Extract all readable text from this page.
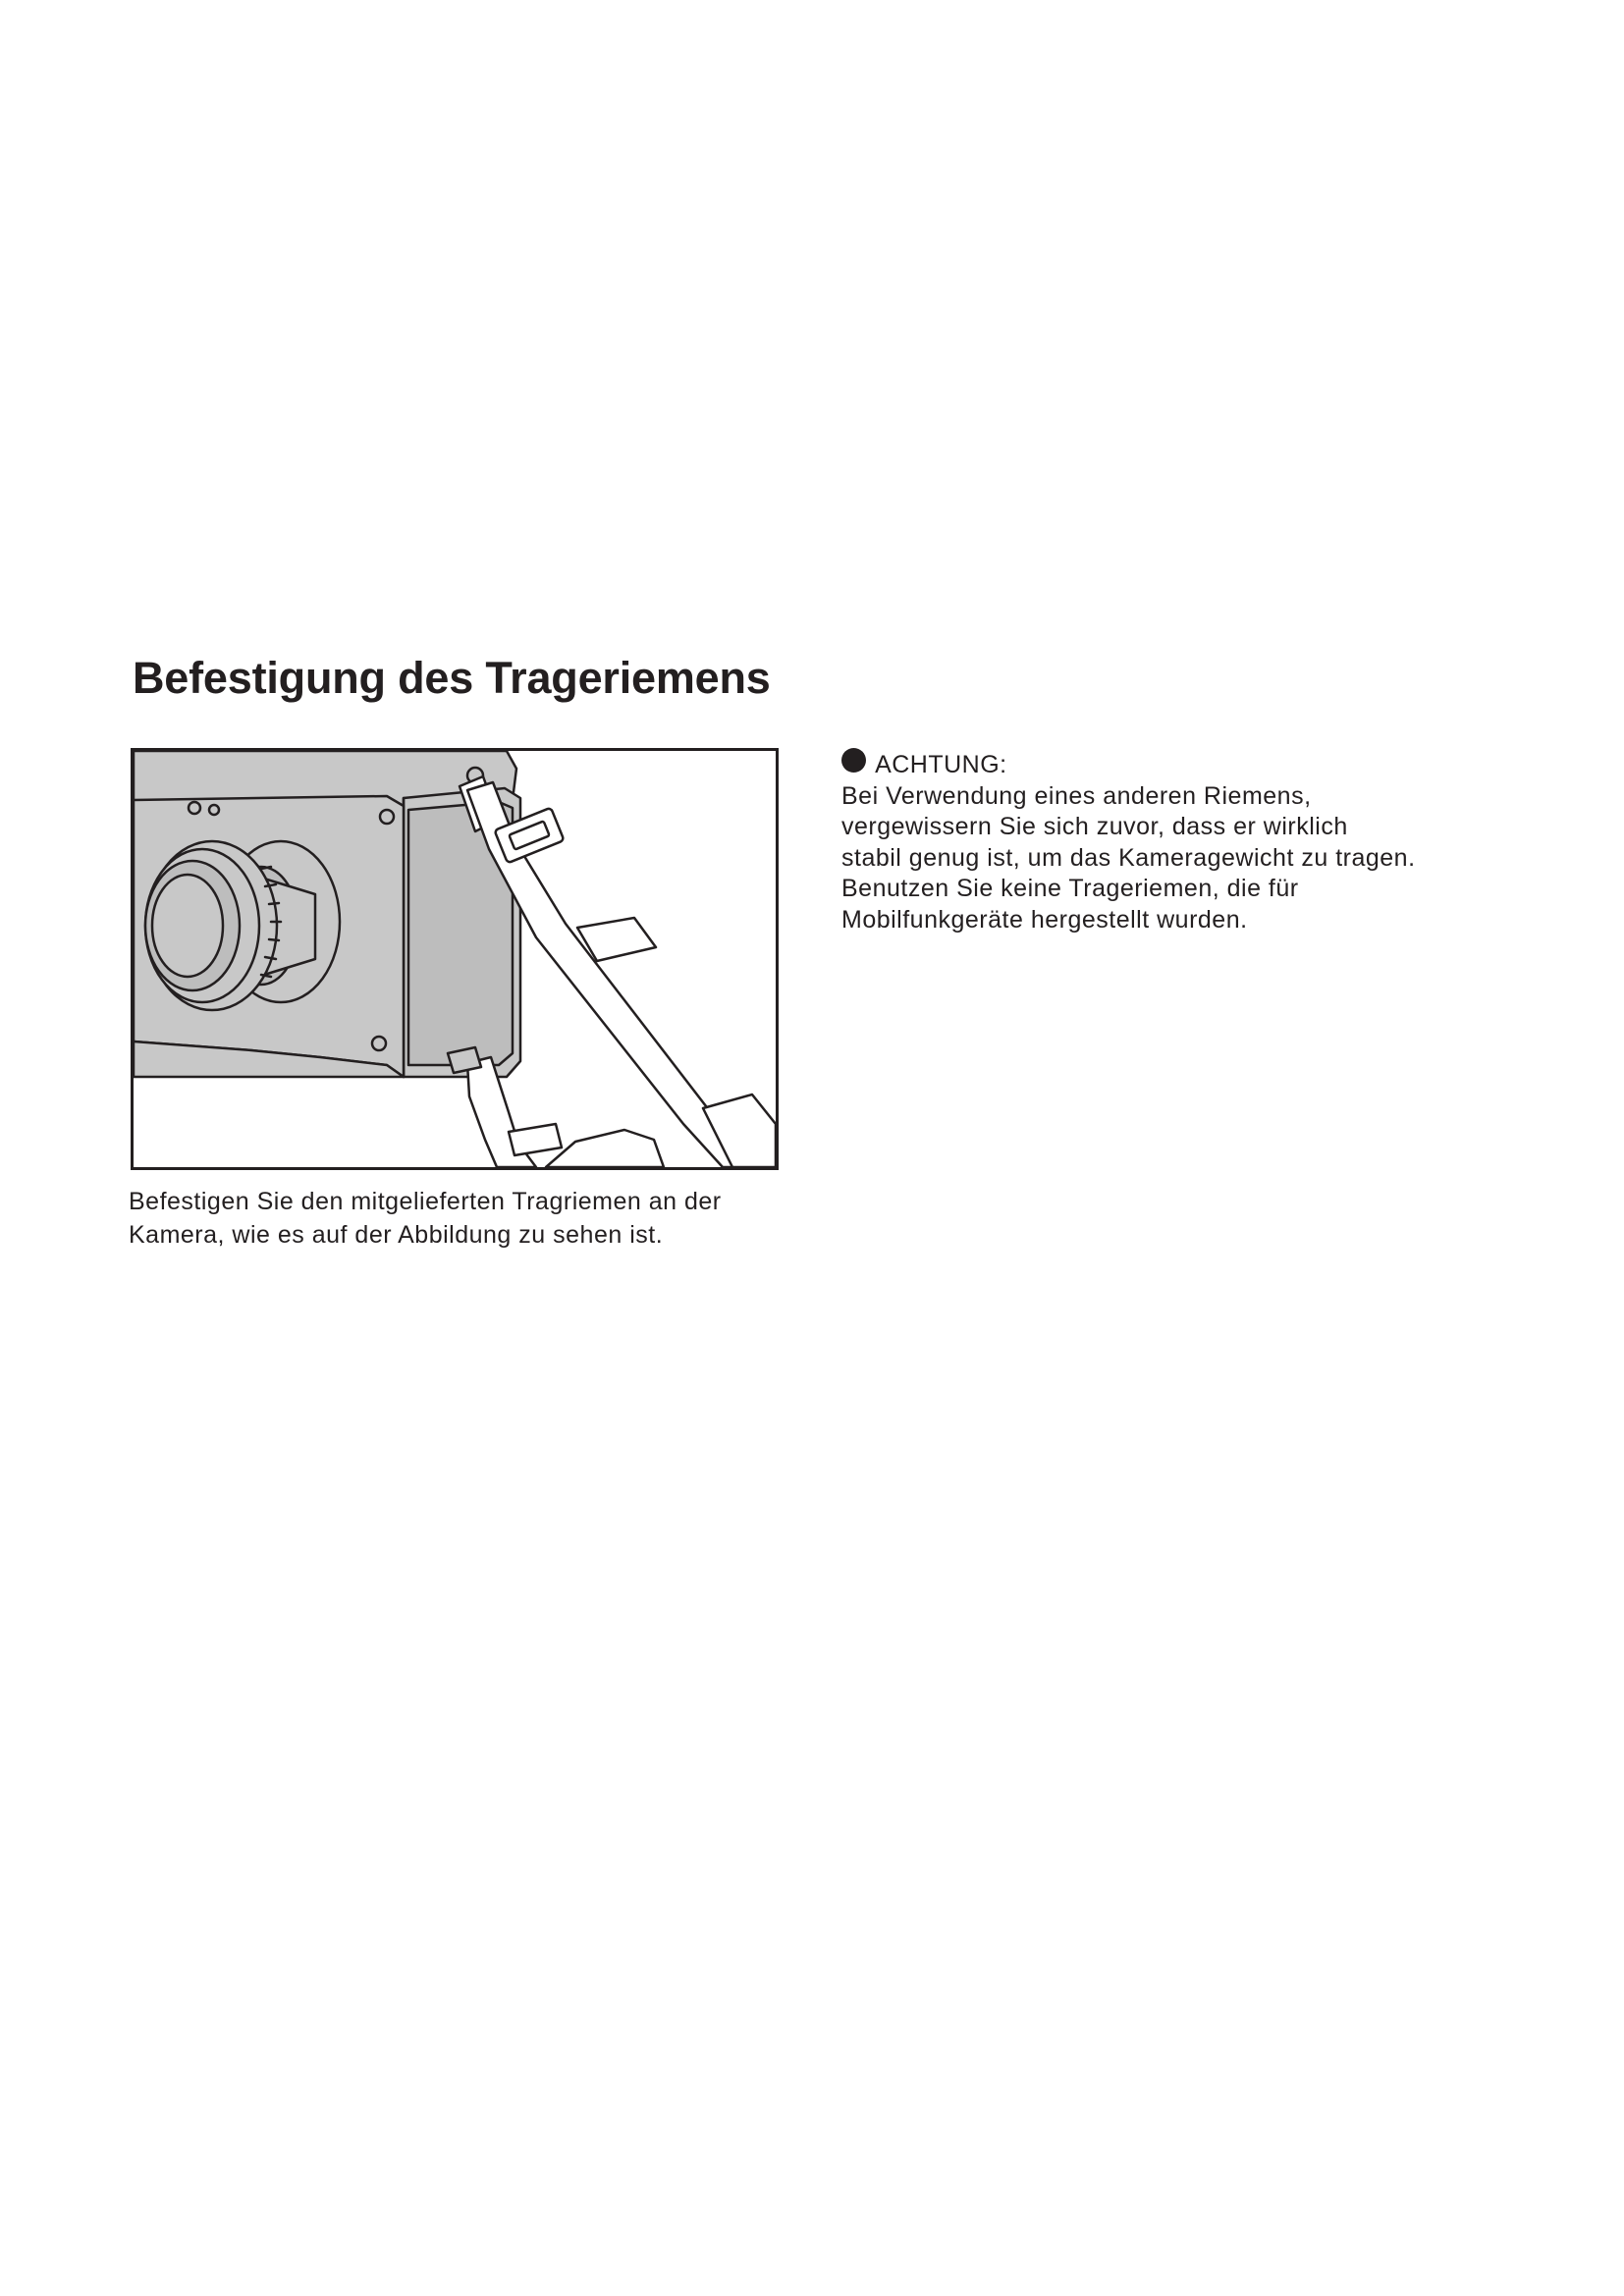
Befestigung des Trageriemens
Befestigen Sie den mitgelieferten Tragriemen an der
Kamera, wie es auf der Abbildung zu sehen ist.
ACHTUNG:
Bei Verwendung eines anderen Riemens,
vergewissern Sie sich zuvor, dass er wirklich
stabil genug ist, um das Kameragewicht zu tragen.
Benutzen Sie keine Trageriemen, die für
Mobilfunkgeräte hergestellt wurden.
